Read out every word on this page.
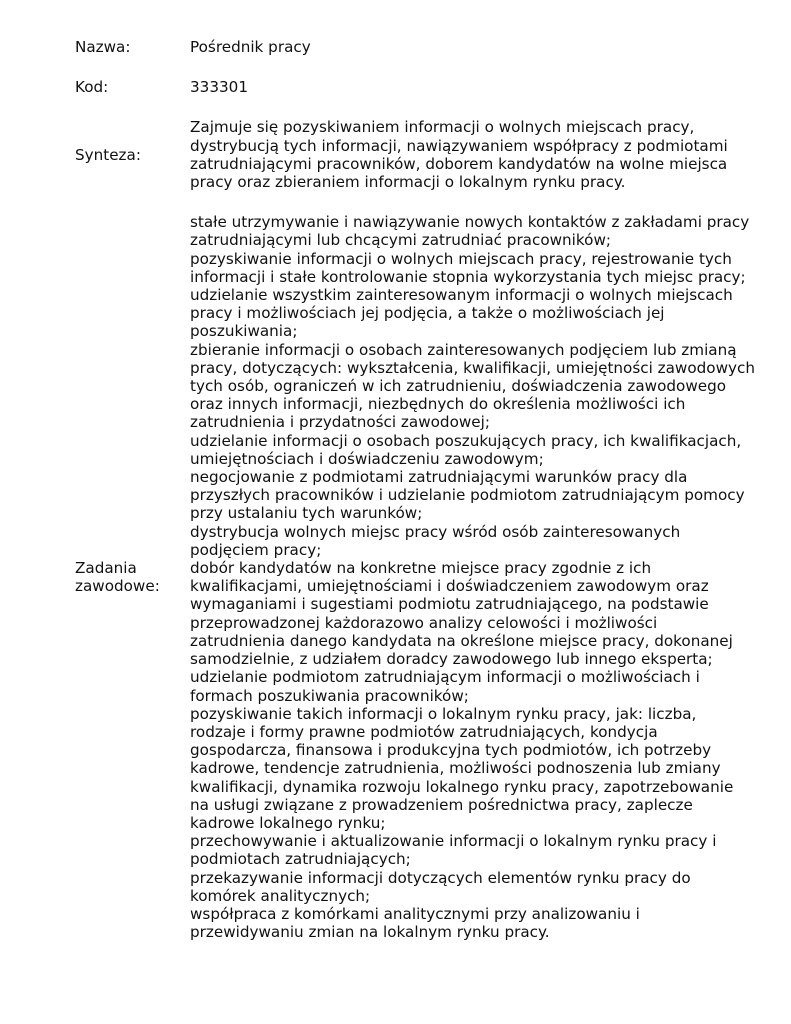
Nazwa:	Pośrednik pracy
Kod:	333301
Synteza:
Zajmuje się pozyskiwaniem informacji o wolnych miejscach pracy, dystrybucją tych informacji, nawiązywaniem współpracy z podmiotami zatrudniającymi pracowników, doborem kandydatów na wolne miejsca pracy oraz zbieraniem informacji o lokalnym rynku pracy.
Zadania zawodowe:

stałe utrzymywanie i nawiązywanie nowych kontaktów z zakładami pracy zatrudniającymi lub chcącymi zatrudniać pracowników;

pozyskiwanie informacji o wolnych miejscach pracy, rejestrowanie tych informacji i stałe kontrolowanie stopnia wykorzystania tych miejsc pracy;

udzielanie wszystkim zainteresowanym informacji o wolnych miejscach pracy i możliwościach jej podjęcia, a także o możliwościach jej poszukiwania;

zbieranie informacji o osobach zainteresowanych podjęciem lub zmianą pracy, dotyczących: wykształcenia, kwalifikacji, umiejętności zawodowych tych osób, ograniczeń w ich zatrudnieniu, doświadczenia zawodowego oraz innych informacji, niezbędnych do określenia możliwości ich zatrudnienia i przydatności zawodowej;

udzielanie informacji o osobach poszukujących pracy, ich kwalifikacjach, umiejętnościach i doświadczeniu zawodowym;

negocjowanie z podmiotami zatrudniającymi warunków pracy dla przyszłych pracowników i udzielanie podmiotom zatrudniającym pomocy przy ustalaniu tych warunków;

dystrybucja wolnych miejsc pracy wśród osób zainteresowanych podjęciem pracy;

dobór kandydatów na konkretne miejsce pracy zgodnie z ich kwalifikacjami, umiejętnościami i doświadczeniem zawodowym oraz wymaganiami i sugestiami podmiotu zatrudniającego, na podstawie przeprowadzonej każdorazowo analizy celowości i możliwości zatrudnienia danego kandydata na określone miejsce pracy, dokonanej samodzielnie, z udziałem doradcy zawodowego lub innego eksperta;

udzielanie podmiotom zatrudniającym informacji o możliwościach i formach poszukiwania pracowników;

pozyskiwanie takich informacji o lokalnym rynku pracy, jak: liczba, rodzaje i formy prawne podmiotów zatrudniających, kondycja gospodarcza, finansowa i produkcyjna tych podmiotów, ich potrzeby kadrowe, tendencje zatrudnienia, możliwości podnoszenia lub zmiany kwalifikacji, dynamika rozwoju lokalnego rynku pracy, zapotrzebowanie na usługi związane z prowadzeniem pośrednictwa pracy, zaplecze kadrowe lokalnego rynku;

przechowywanie i aktualizowanie informacji o lokalnym rynku pracy i podmiotach zatrudniających;

przekazywanie informacji dotyczących elementów rynku pracy do komórek analitycznych;

współpraca z komórkami analitycznymi przy analizowaniu i przewidywaniu zmian na lokalnym rynku pracy.
